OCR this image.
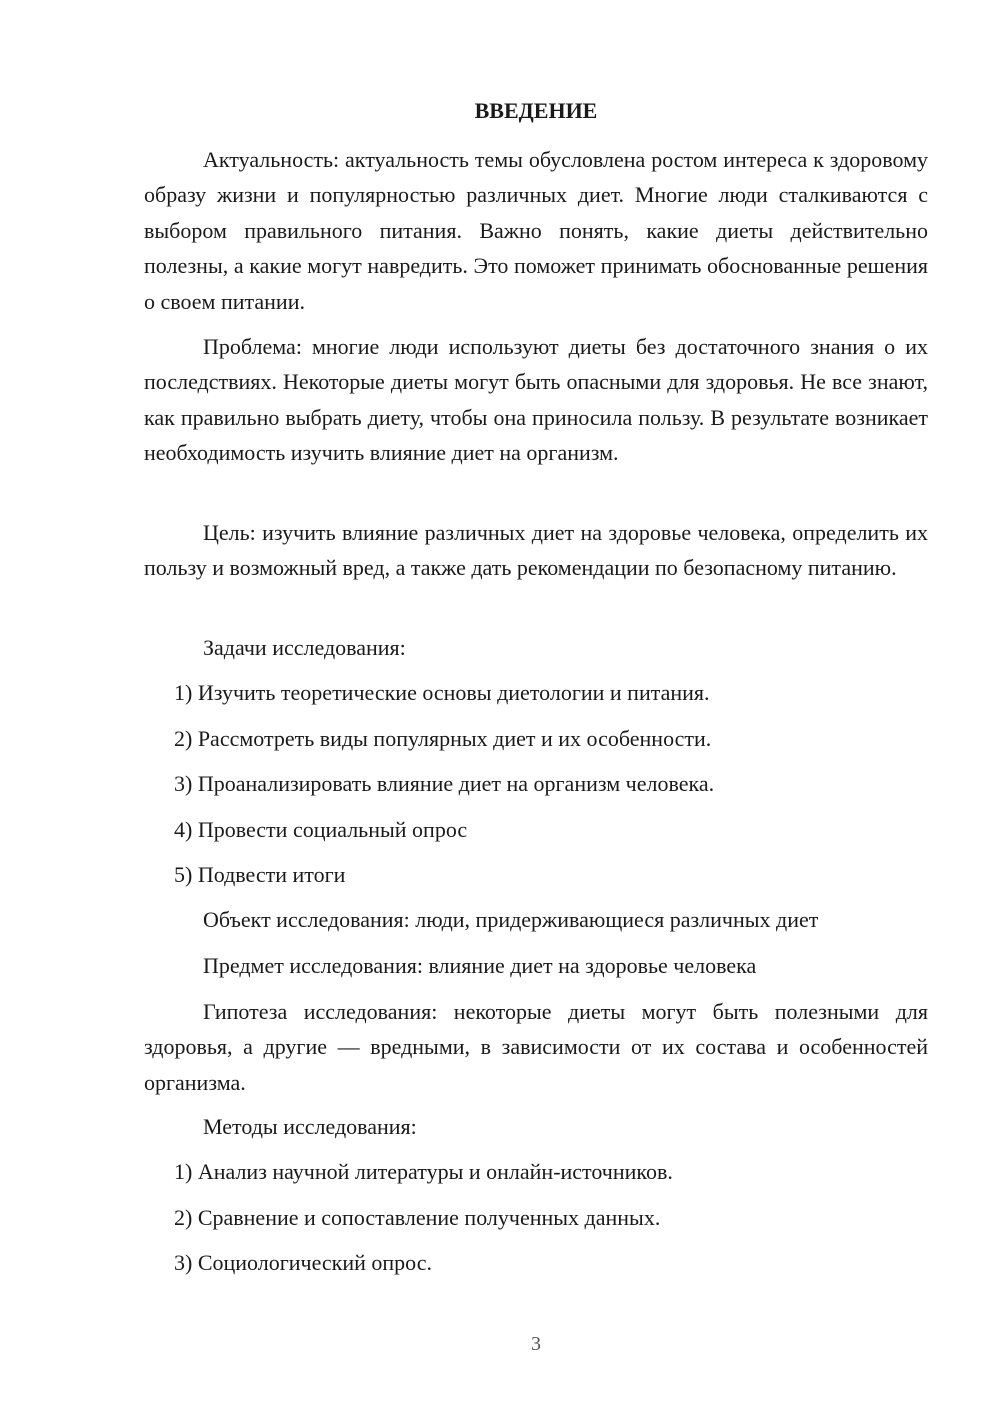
ВВЕДЕНИЕ

Актуальность: актуальность темы обусловлена ростом интереса к здоровому образу жизни и популярностью различных диет. Многие люди сталкиваются с выбором правильного питания. Важно понять, какие диеты действительно полезны, а какие могут навредить. Это поможет принимать обоснованные решения о своем питании.

Проблема: многие люди используют диеты без достаточного знания о их последствиях. Некоторые диеты могут быть опасными для здоровья. Не все знают, как правильно выбрать диету, чтобы она приносила пользу. В результате возникает необходимость изучить влияние диет на организм.

Цель: изучить влияние различных диет на здоровье человека, определить их пользу и возможный вред, а также дать рекомендации по безопасному питанию.

Задачи исследования:

1) Изучить теоретические основы диетологии и питания.

2) Рассмотреть виды популярных диет и их особенности.

3) Проанализировать влияние диет на организм человека.

4) Провести социальный опрос

5) Подвести итоги

Объект исследования: люди, придерживающиеся различных диет

Предмет исследования: влияние диет на здоровье человека

Гипотеза исследования: некоторые диеты могут быть полезными для здоровья, а другие — вредными, в зависимости от их состава и особенностей организма.

Методы исследования:

1) Анализ научной литературы и онлайн-источников.

2) Сравнение и сопоставление полученных данных.

3) Социологический опрос.

3
